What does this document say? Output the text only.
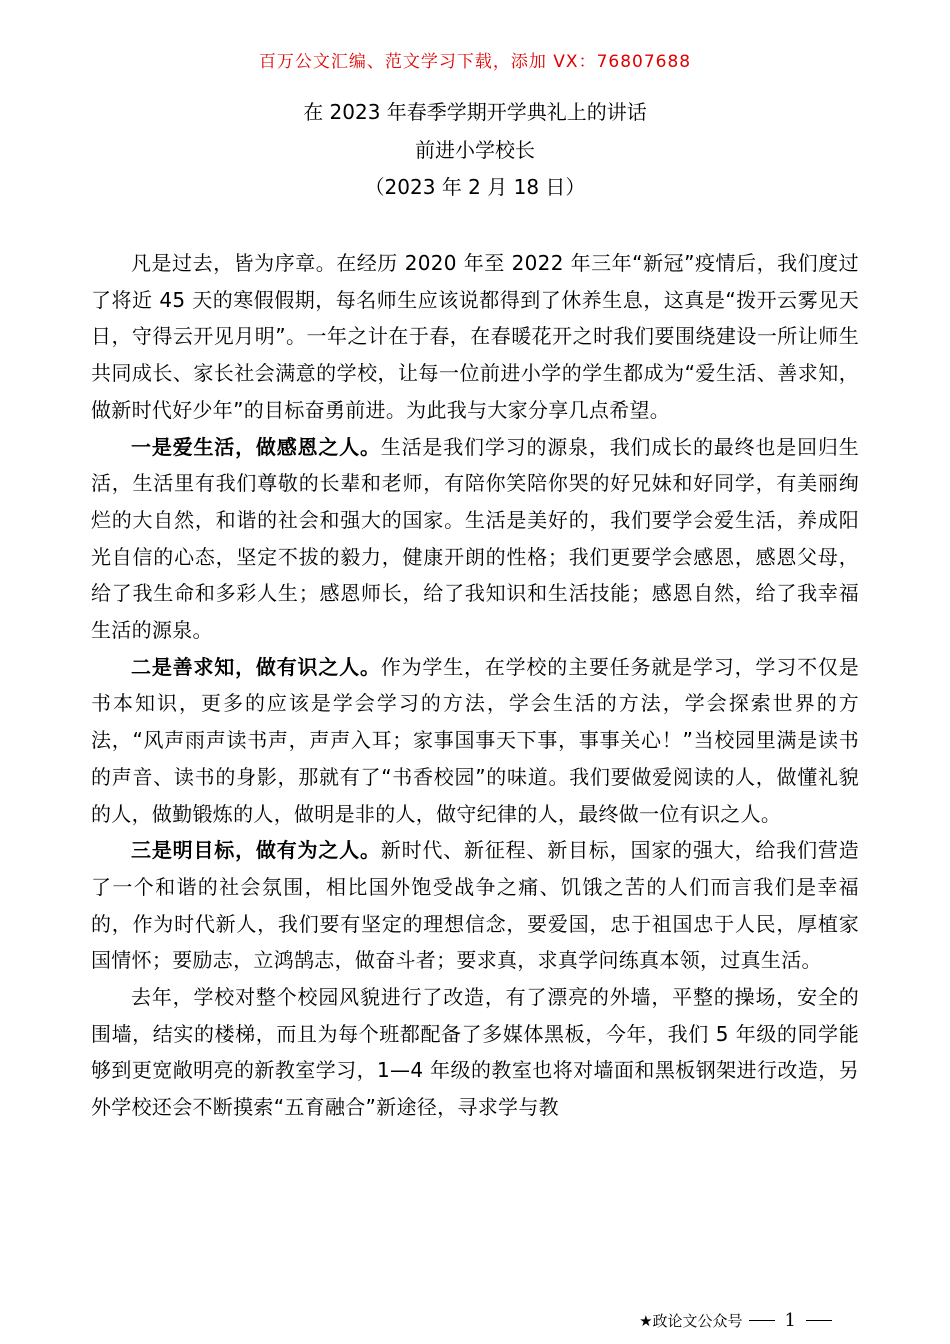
百万公文汇编、范文学习下载，添加 VX：76807688
在 2023 年春季学期开学典礼上的讲话
前进小学校长
（2023 年 2 月 18 日）

凡是过去，皆为序章。在经历 2020 年至 2022 年三年“新冠”疫情后，我们度过了将近 45 天的寒假假期，每名师生应该说都得到了休养生息，这真是“拨开云雾见天日，守得云开见月明”。一年之计在于春，在春暖花开之时我们要围绕建设一所让师生共同成长、家长社会满意的学校，让每一位前进小学的学生都成为“爱生活、善求知，做新时代好少年”的目标奋勇前进。为此我与大家分享几点希望。

一是爱生活，做感恩之人。生活是我们学习的源泉，我们成长的最终也是回归生活，生活里有我们尊敬的长辈和老师，有陪你笑陪你哭的好兄妹和好同学，有美丽绚烂的大自然，和谐的社会和强大的国家。生活是美好的，我们要学会爱生活，养成阳光自信的心态，坚定不拔的毅力，健康开朗的性格；我们更要学会感恩，感恩父母，给了我生命和多彩人生；感恩师长，给了我知识和生活技能；感恩自然，给了我幸福生活的源泉。

二是善求知，做有识之人。作为学生，在学校的主要任务就是学习，学习不仅是书本知识，更多的应该是学会学习的方法，学会生活的方法，学会探索世界的方法，“风声雨声读书声，声声入耳；家事国事天下事，事事关心！”当校园里满是读书的声音、读书的身影，那就有了“书香校园”的味道。我们要做爱阅读的人，做懂礼貌的人，做勤锻炼的人，做明是非的人，做守纪律的人，最终做一位有识之人。

三是明目标，做有为之人。新时代、新征程、新目标，国家的强大，给我们营造了一个和谐的社会氛围，相比国外饱受战争之痛、饥饿之苦的人们而言我们是幸福的，作为时代新人，我们要有坚定的理想信念，要爱国，忠于祖国忠于人民，厚植家国情怀；要励志，立鸿鹄志，做奋斗者；要求真，求真学问练真本领，过真生活。

去年，学校对整个校园风貌进行了改造，有了漂亮的外墙，平整的操场，安全的围墙，结实的楼梯，而且为每个班都配备了多媒体黑板，今年，我们 5 年级的同学能够到更宽敞明亮的新教室学习，1—4 年级的教室也将对墙面和黑板钢架进行改造，另外学校还会不断摸索“五育融合”新途径，寻求学与教

★政论文公众号 1
